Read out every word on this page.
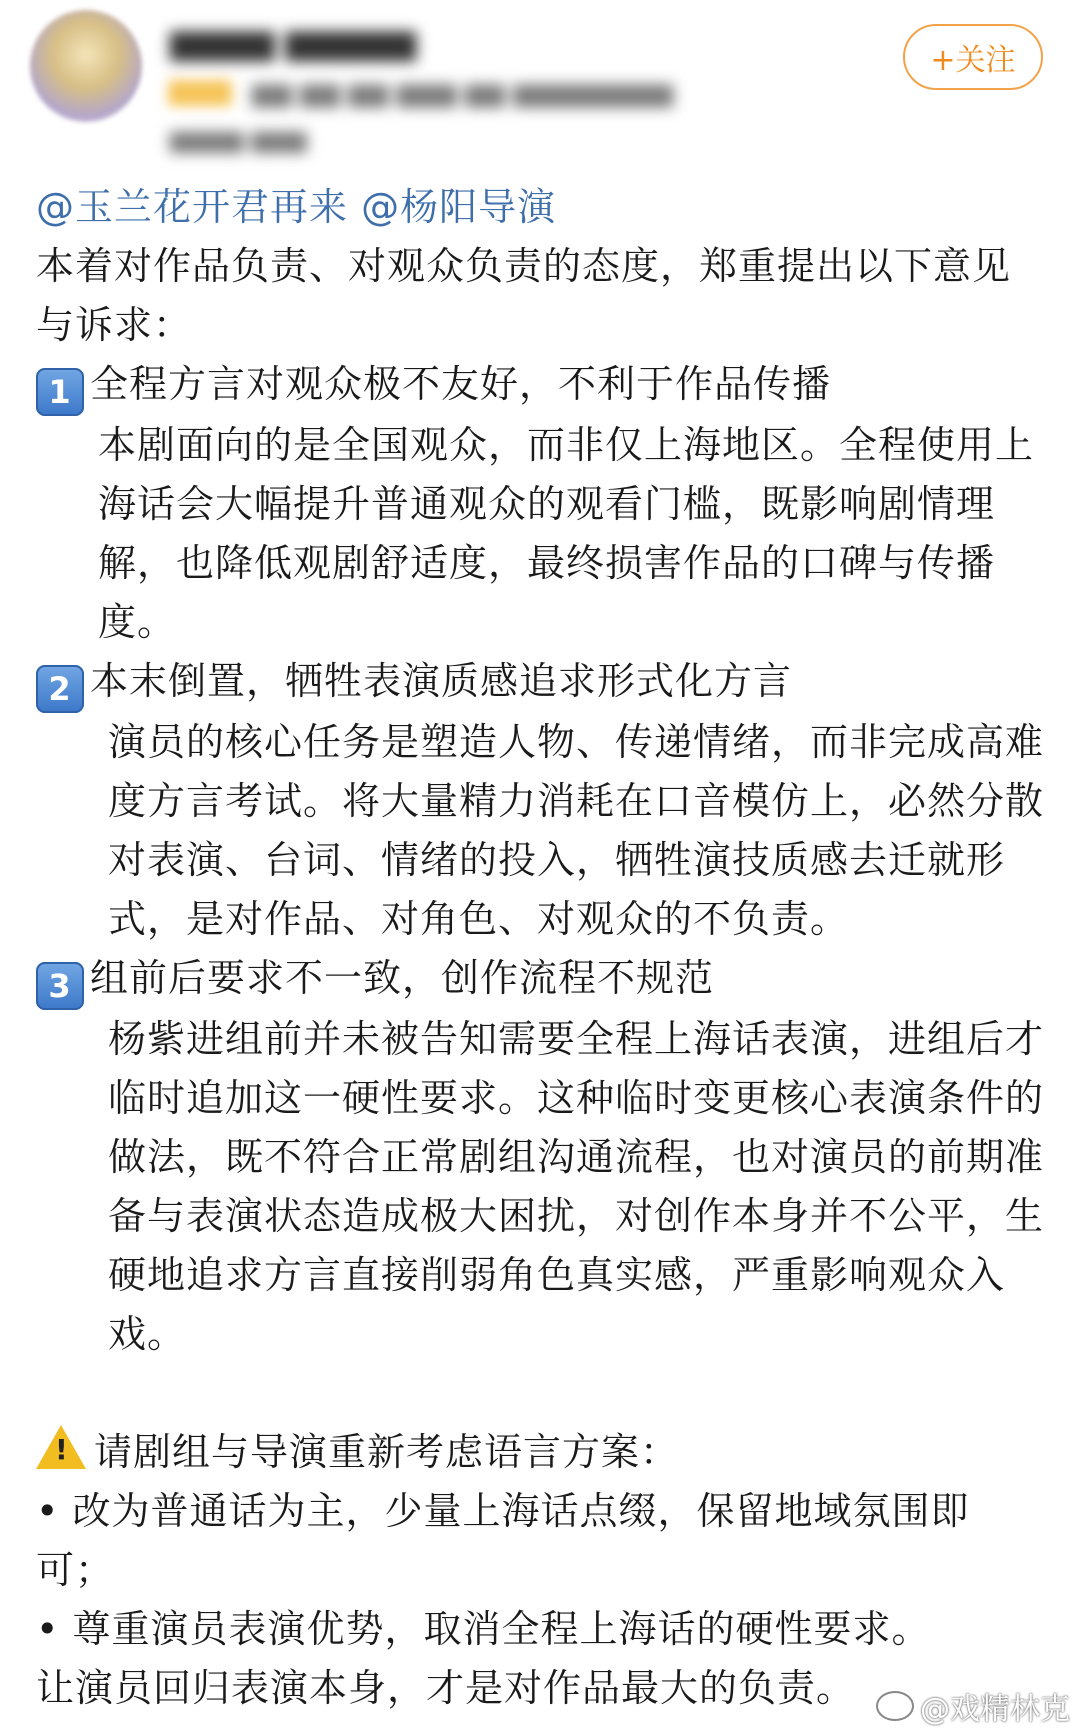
▆▆▆▆ ▆▆▆▆▆
▆▆ ▆▆ ▆▆ ▆▆▆ ▆▆ ▆▆▆▆▆▆▆▆
▆▆▆▆ ▆▆▆
+关注

@玉兰花开君再来 @杨阳导演

本着对作品负责、对观众负责的态度，郑重提出以下意见与诉求：

1 全程方言对观众极不友好，不利于作品传播

本剧面向的是全国观众，而非仅上海地区。全程使用上海话会大幅提升普通观众的观看门槛，既影响剧情理解，也降低观剧舒适度，最终损害作品的口碑与传播度。

2 本末倒置，牺牲表演质感追求形式化方言

演员的核心任务是塑造人物、传递情绪，而非完成高难度方言考试。将大量精力消耗在口音模仿上，必然分散对表演、台词、情绪的投入，牺牲演技质感去迁就形式，是对作品、对角色、对观众的不负责。

3 组前后要求不一致，创作流程不规范

杨紫进组前并未被告知需要全程上海话表演，进组后才临时追加这一硬性要求。这种临时变更核心表演条件的做法，既不符合正常剧组沟通流程，也对演员的前期准备与表演状态造成极大困扰，对创作本身并不公平，生硬地追求方言直接削弱角色真实感，严重影响观众入戏。

! 请剧组与导演重新考虑语言方案：

• 改为普通话为主，少量上海话点缀，保留地域氛围即可；

• 尊重演员表演优势，取消全程上海话的硬性要求。

让演员回归表演本身，才是对作品最大的负责。	@戏精林克
